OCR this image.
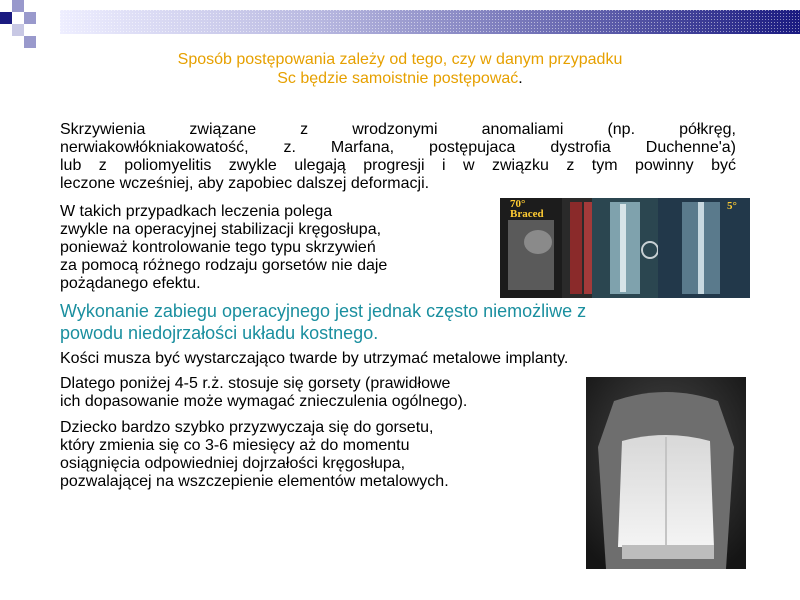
Sposób postępowania zależy od tego, czy w danym przypadku
Sc będzie samoistnie postępować.
Skrzywienia związane z wrodzonymi anomaliami (np. półkręg,
nerwiakowłókniakowatość, z. Marfana, postępujaca dystrofia Duchenne'a)
lub z poliomyelitis zwykle ulegają progresji i w związku z tym powinny być
leczone wcześniej, aby zapobiec dalszej deformacji.
W takich przypadkach leczenia polega
zwykle na operacyjnej stabilizacji kręgosłupa,
ponieważ kontrolowanie tego typu skrzywień
za pomocą różnego rodzaju gorsetów nie daje
pożądanego efektu.
70°
Braced
5°
Wykonanie zabiegu operacyjnego jest jednak często niemożliwe z
powodu niedojrzałości układu kostnego.
Kości musza być wystarczająco twarde by utrzymać metalowe implanty.
Dlatego poniżej 4-5 r.ż. stosuje się gorsety (prawidłowe
ich dopasowanie może wymagać znieczulenia ogólnego).
Dziecko bardzo szybko przyzwyczaja się do gorsetu,
który zmienia się co 3-6 miesięcy aż do momentu
osiągnięcia odpowiedniej dojrzałości kręgosłupa,
pozwalającej na wszczepienie elementów metalowych.
